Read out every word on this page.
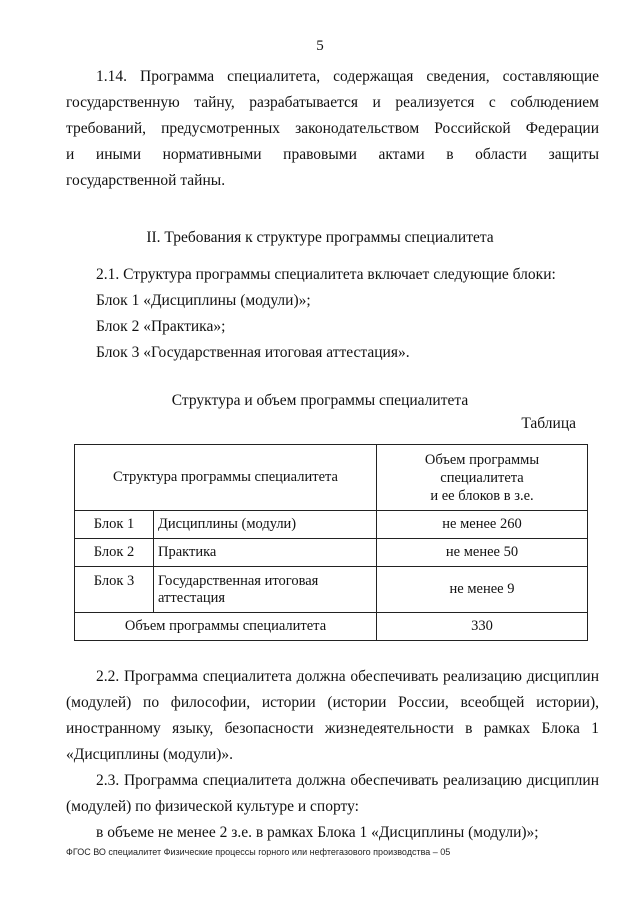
5
1.14. Программа специалитета, содержащая сведения, составляющие
государственную тайну, разрабатывается и реализуется с соблюдением
требований, предусмотренных законодательством Российской Федерации
и иными нормативными правовыми актами в области защиты
государственной тайны.
II. Требования к структуре программы специалитета
2.1. Структура программы специалитета включает следующие блоки:
Блок 1 «Дисциплины (модули)»;
Блок 2 «Практика»;
Блок 3 «Государственная итоговая аттестация».
Структура и объем программы специалитета
Таблица
Структура программы специалитета		Объем программы
специалитета
и ее блоков в з.е.

Блок 1	Дисциплины (модули)	не менее 260
Блок 2	Практика	не менее 50
Блок 3	Государственная итоговая аттестация	не менее 9
Объем программы специалитета		330
2.2. Программа специалитета должна обеспечивать реализацию дисциплин
(модулей) по философии, истории (истории России, всеобщей истории),
иностранному языку, безопасности жизнедеятельности в рамках Блока 1
«Дисциплины (модули)».
2.3. Программа специалитета должна обеспечивать реализацию дисциплин
(модулей) по физической культуре и спорту:
в объеме не менее 2 з.е. в рамках Блока 1 «Дисциплины (модули)»;
ФГОС ВО специалитет Физические процессы горного или нефтегазового производства – 05
